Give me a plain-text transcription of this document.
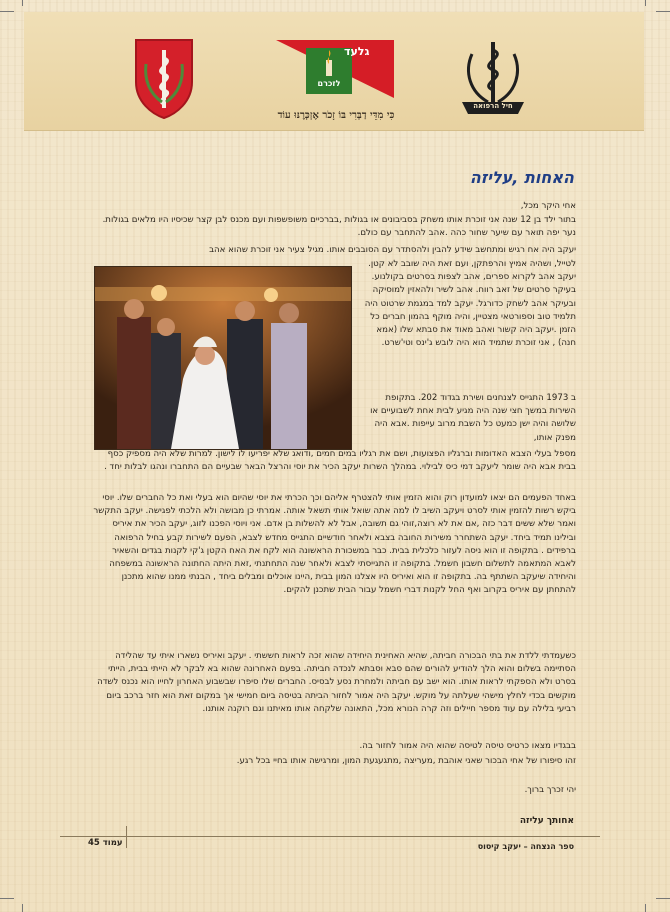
גלעד
לזכרם
חיל הרפואה
כִּי מִדֵּי דַבְּרִי בּוֹ זָכֹר אֶזְכְּרֶנּוּ עוֹד
האחות ,עליזה
אחי היקר מכל,
בתור ילד בן 12 שנה אני זוכרת אותו משחק בסביבונים או בגולות ,בברכיים משופשפות ועם מכנס לבן קצר שכיסיו היו מלאים בגולות. נער יפה תואר עם שיער שחור כהה .אהב להתחבר עם כולם.
יעקב היה אח רגיש ומתחשב שידע להבין ולהסתדר עם הסובבים אותו. מגיל צעיר אני זוכרת שהוא אהב
לטייל, ושהיה אמיץ והרפתקן, ועם זאת היה שובב לא קטן. יעקב אהב לקרוא ספרים, אהב לצפות בסרטים בקולנוע. בעיקר סרטים של זאב רווח. אהב לשיר ולהאזין למוסיקה ובעיקר אהב לשחק כדורגל. יעקב למד במגמת שרטוט היה תלמיד טוב וספורטאי מצטיין, והיה מוקף בהמון חברים כל הזמן .יעקב היה קשור ואהב מאוד את סבתא שלו (אמא חנה) , אני זוכרת שתמיד הוא היה לובש ג'ינס וטי'שרט.
ב 1973 התגייס לצנחנים ושירת בגדוד 202. בתקופת השירות במשך חצי שנה היה מגיע לבית אחת לשבועיים או שלושה והיה ישן כמעט כל השבת מרוב עייפות .אבא היה מפנק אותו,
מספל בעלי הצבא האדומות וברגליו הפצועות, ושם את רגליו במים חמים ,ודואג שלא יפריעו לו לישון. למרות שלא היה מספיק כסף בבית אבא היה שומר ליעקב דמי כיס לבילוי. במהלך השרות יעקב הכיר את יוסי והרצל הבאר שבעיים הם התחברו ונהגו לבלות יחד .
באחד הפעמים הם יצאו למועדון רוק והוא הזמין אותי להצטרף אליהם וכך הכרתי את יוסי שהיום הוא בעלי ואת כל החברים שלו. יוסי ביקש רשות להזמין אותי לסרט ויעקב השיב לו למה אתה שואל אותי תשאל אותה. אמרתי כן מבושה ולא הלכתי לפגישה. יעקב התקשר ואמר שלא ששים דבר כזה ,אם את לא רוצה,זוהי גם תשובה, אבל לא להשלות בן אדם. אני ויוסי הפכנו לזוג, יעקב הכיר את איריס ובילינו תמיד ביחד. יעקב השתחרר משירות החובה בצבא ולאחר חודשיים התגייס מחדש לצבא, הפעם לשירות קבע בחיל הרפואה ברפידים . בתקופה זו הוא ניסה לעזור כלכלית בבית. כבר במשכורת הראשונה הוא לקח את האח הקטן ג'קי לקנות בגדים והשאיר לאבא המתאמה לתשלום חשבון חשמל. בתקופה זו התגייסתי לצבא ולאחר שנה התחתנתי ,זאת היתה החתונה הראשונה במשפחה והיחידה שיעקב השתתף בה. בתקופה זו הוא ואיריס היו אצלנו המון בבית ,היינו אוכלים ומבלים ביחד , הבנתי ממנו שהוא מתכנן להתחתן עם איריס בקרוב ואף החל לקנות דברי חשמל עבור הבית שתכנן להקים.
כשעמדתי ללדת את בתי הבכורה חביתה, שהיא האחינית היחידה שהוא זכה לראות חששתי . יעקב ואיריס נשארו איתי עד שהלידה הסתיימה בשלום והוא הלך להודיע להורים שהם סבא וסבתא לנכדה חביתה. בפעם האחרונה שהוא בא לבקר לא הייתי בבית, הייתי בסרט ולא הספקתי לראות אותו. הוא ישב עם חביתה ולמחרת נסע לבסיס. החברים שלו סיפרו שבשבוע האחרון לחייו הוא נכנס לשדה מוקשים בכדי לחלץ מישהי שעלתה על מוקש. יעקב היה אמור לחזור הביתה בטיסה ביום חמישי אך במקום זאת הוא חזר ברכב ביום רביעי בלילה עם עוד מספר חיילים וזה קרה הנורא מכל, התאונה שלקחה אותו מאיתנו וגם רוקנה אותנו.
בבגדיו מצאו כרטיס טיסה לטיסה שהוא היה אמור לחזור בה.
זהו סיפורו של אחי הבכור שאני אוהבת ,מעריצה ,מתגעגעת המון, ומרגישה אותו בחיי בכל רגע.
יהי זכרך ברוך.
אחותך עליזה
עמוד 45	ספר הנצחה – יעקב קיסוס
